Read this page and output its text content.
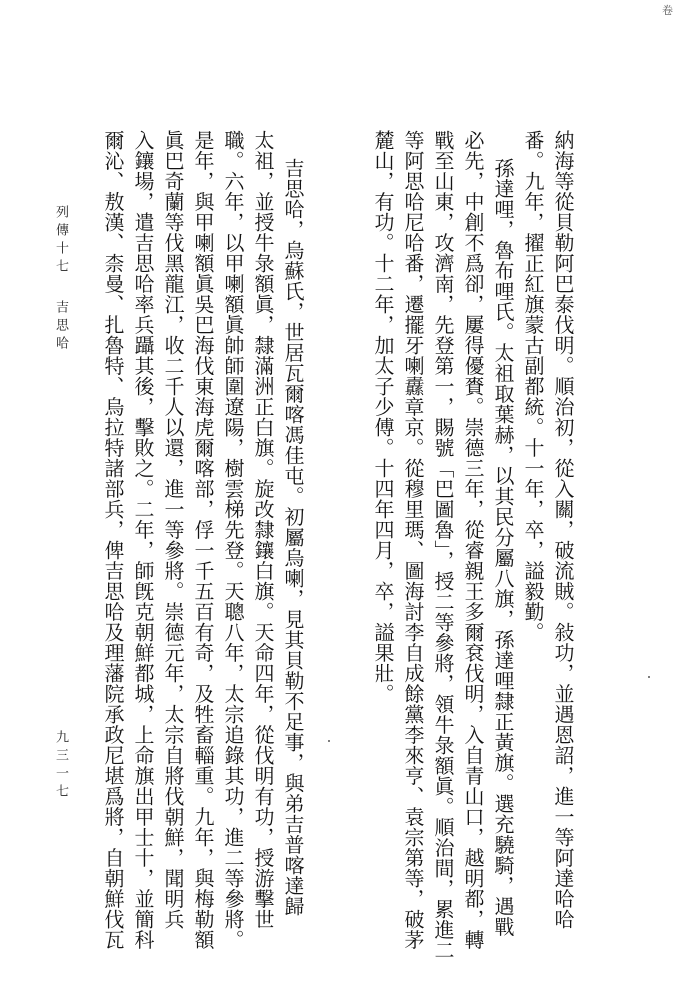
卷
納海等從貝勒阿巴泰伐明。順治初，從入關，破流賊。敍功，並遇恩詔，進一等阿達哈哈
番。九年，擢正紅旗蒙古副都統。十一年，卒，謚毅勤。
孫達哩，魯布哩氏。太祖取葉赫，以其民分屬八旗，孫達哩隸正黃旗。選充驍騎，遇戰
必先，中創不爲卻，屢得優賚。崇德三年，從睿親王多爾袞伐明，入自青山口，越明都，轉
戰至山東，攻濟南，先登第一，賜號「巴圖魯」，授二等參將，領牛彔額眞。順治間，累進二
等阿思哈尼哈番，遷擺牙喇纛章京。從穆里瑪、圖海討李自成餘黨李來亨、袁宗第等，破茅
麓山，有功。十二年，加太子少傅。十四年四月，卒，謚果壯。
吉思哈，烏蘇氏，世居瓦爾喀馮佳屯。初屬烏喇，見其貝勒不足事，與弟吉普喀達歸
太祖，並授牛彔額眞，隸滿洲正白旗。旋改隸鑲白旗。天命四年，從伐明有功，授游擊世
職。六年，以甲喇額眞帥師圍遼陽，樹雲梯先登。天聰八年，太宗追錄其功，進二等參將。
是年，與甲喇額眞吳巴海伐東海虎爾喀部，俘一千五百有奇，及牲畜輜重。九年，與梅勒額
眞巴奇蘭等伐黑龍江，收二千人以還，進一等參將。崇德元年，太宗自將伐朝鮮，聞明兵
入鑲場，遣吉思哈率兵躡其後，擊敗之。二年，師旣克朝鮮都城，上命旗出甲士十，並簡科
爾沁、敖漢、柰曼、扎魯特、烏拉特諸部兵，俾吉思哈及理藩院承政尼堪爲將，自朝鮮伐瓦
列傳十七
吉思哈
九三一七
